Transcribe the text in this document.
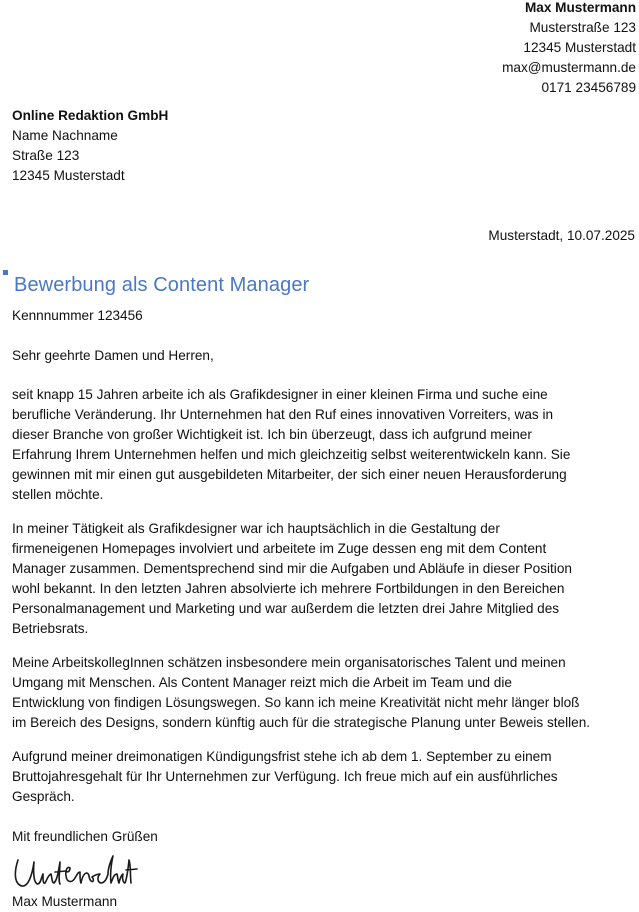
Max Mustermann
Musterstraße 123
12345 Musterstadt
max@mustermann.de
0171 23456789
Online Redaktion GmbH
Name Nachname
Straße 123
12345 Musterstadt
Musterstadt, 10.07.2025
Bewerbung als Content Manager
Kennnummer 123456
Sehr geehrte Damen und Herren,

seit knapp 15 Jahren arbeite ich als Grafikdesigner in einer kleinen Firma und suche eine
berufliche Veränderung. Ihr Unternehmen hat den Ruf eines innovativen Vorreiters, was in
dieser Branche von großer Wichtigkeit ist. Ich bin überzeugt, dass ich aufgrund meiner
Erfahrung Ihrem Unternehmen helfen und mich gleichzeitig selbst weiterentwickeln kann. Sie
gewinnen mit mir einen gut ausgebildeten Mitarbeiter, der sich einer neuen Herausforderung
stellen möchte.

In meiner Tätigkeit als Grafikdesigner war ich hauptsächlich in die Gestaltung der
firmeneigenen Homepages involviert und arbeitete im Zuge dessen eng mit dem Content
Manager zusammen. Dementsprechend sind mir die Aufgaben und Abläufe in dieser Position
wohl bekannt. In den letzten Jahren absolvierte ich mehrere Fortbildungen in den Bereichen
Personalmanagement und Marketing und war außerdem die letzten drei Jahre Mitglied des
Betriebsrats.

Meine ArbeitskollegInnen schätzen insbesondere mein organisatorisches Talent und meinen
Umgang mit Menschen. Als Content Manager reizt mich die Arbeit im Team und die
Entwicklung von findigen Lösungswegen. So kann ich meine Kreativität nicht mehr länger bloß
im Bereich des Designs, sondern künftig auch für die strategische Planung unter Beweis stellen.

Aufgrund meiner dreimonatigen Kündigungsfrist stehe ich ab dem 1. September zu einem
Bruttojahresgehalt für Ihr Unternehmen zur Verfügung. Ich freue mich auf ein ausführliches
Gespräch.

Mit freundlichen Grüßen
Max Mustermann
